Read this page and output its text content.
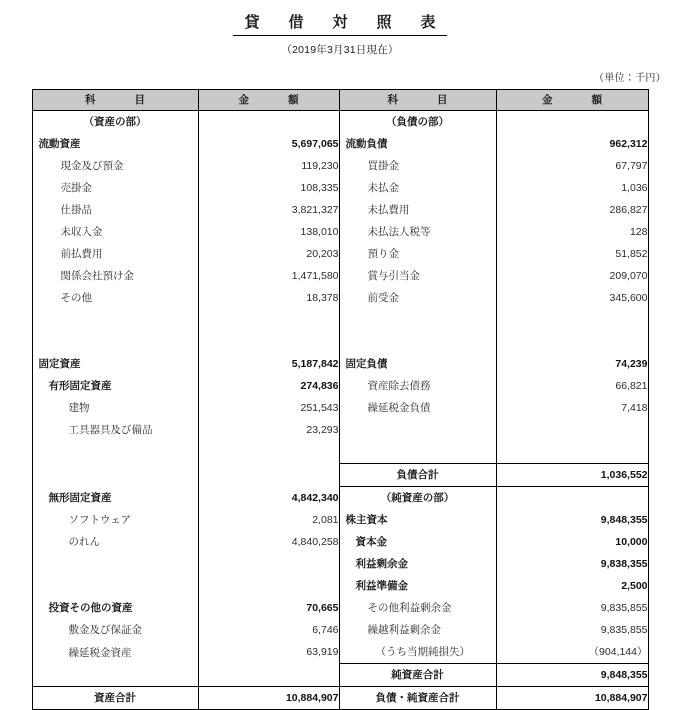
貸　借　対　照　表
（2019年3月31日現在）
（単位：千円）
科　　目	金　　額	科　　目	金　　額
（資産の部）		（負債の部）	
流動資産	5,697,065	流動負債	962,312
現金及び預金	119,230	買掛金	67,797
売掛金	108,335	未払金	1,036
仕掛品	3,821,327	未払費用	286,827
未収入金	138,010	未払法人税等	128
前払費用	20,203	預り金	51,852
関係会社預け金	1,471,580	賞与引当金	209,070
その他	18,378	前受金	345,600

固定資産	5,187,842	固定負債	74,239
有形固定資産	274,836	資産除去債務	66,821
建物	251,543	繰延税金負債	7,418
工具器具及び備品	23,293		

		負債合計	1,036,552
無形固定資産	4,842,340	（純資産の部）	
ソフトウェア	2,081	株主資本	9,848,355
のれん	4,840,258	資本金	10,000
		利益剰余金	9,838,355
		利益準備金	2,500
投資その他の資産	70,665	その他利益剰余金	9,835,855
敷金及び保証金	6,746	繰越利益剰余金	9,835,855
繰延税金資産	63,919	（うち当期純損失）	（904,144）
		純資産合計	9,848,355
資産合計	10,884,907	負債・純資産合計	10,884,907
